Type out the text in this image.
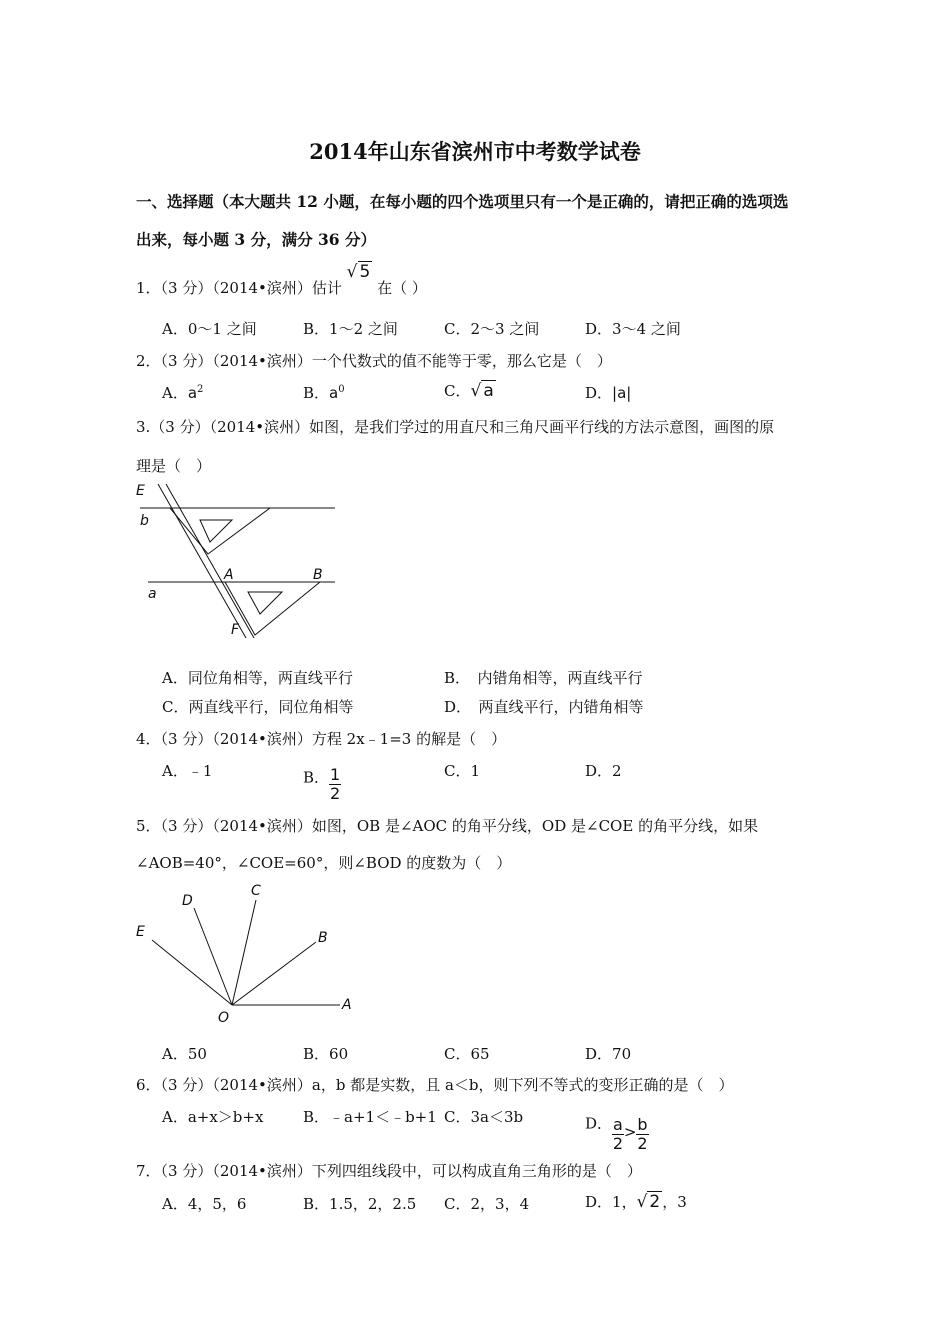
2014年山东省滨州市中考数学试卷
一、选择题（本大题共 12 小题，在每小题的四个选项里只有一个是正确的，请把正确的选项选
出来，每小题 3 分，满分 36 分）
1．（3 分）（2014•滨州）估计 √ 5 在（ ）
A．0～1 之间	B．1～2 之间	C．2～3 之间	D．3～4 之间
2．（3 分）（2014•滨州）一个代数式的值不能等于零，那么它是（　）
A．$a^2$	B．$a^0$	C．√ a	D．|a|
3.（3 分）（2014•滨州）如图，是我们学过的用直尺和三角尺画平行线的方法示意图，画图的原
理是（　）
E
b
A	B
a
F
A．同位角相等，两直线平行	B．　内错角相等，两直线平行
C．两直线平行，同位角相等	D．　两直线平行，内错角相等
4．（3 分）（2014•滨州）方程 2x﹣1=3 的解是（　）
A．﹣1	B． $\frac{1}{2}$	C．1	D．2
5．（3 分）（2014•滨州）如图，OB 是∠AOC 的角平分线，OD 是∠COE 的角平分线，如果
∠AOB=40°，∠COE=60°，则∠BOD 的度数为（　）
E
D
C
B
A
O
A．50	B．60	C．65	D．70
6．（3 分）（2014•滨州）a，b 都是实数，且 a＜b，则下列不等式的变形正确的是（　）
A．a+x＞b+x	B．﹣a+1＜﹣b+1 C．3a＜3b	D． $\frac{a}{2} > \frac{b}{2}$
7．（3 分）（2014•滨州）下列四组线段中，可以构成直角三角形的是（　）
A．4，5，6	B．1.5，2，2.5 C．2，3，4	D．1，√ 2 ，3
